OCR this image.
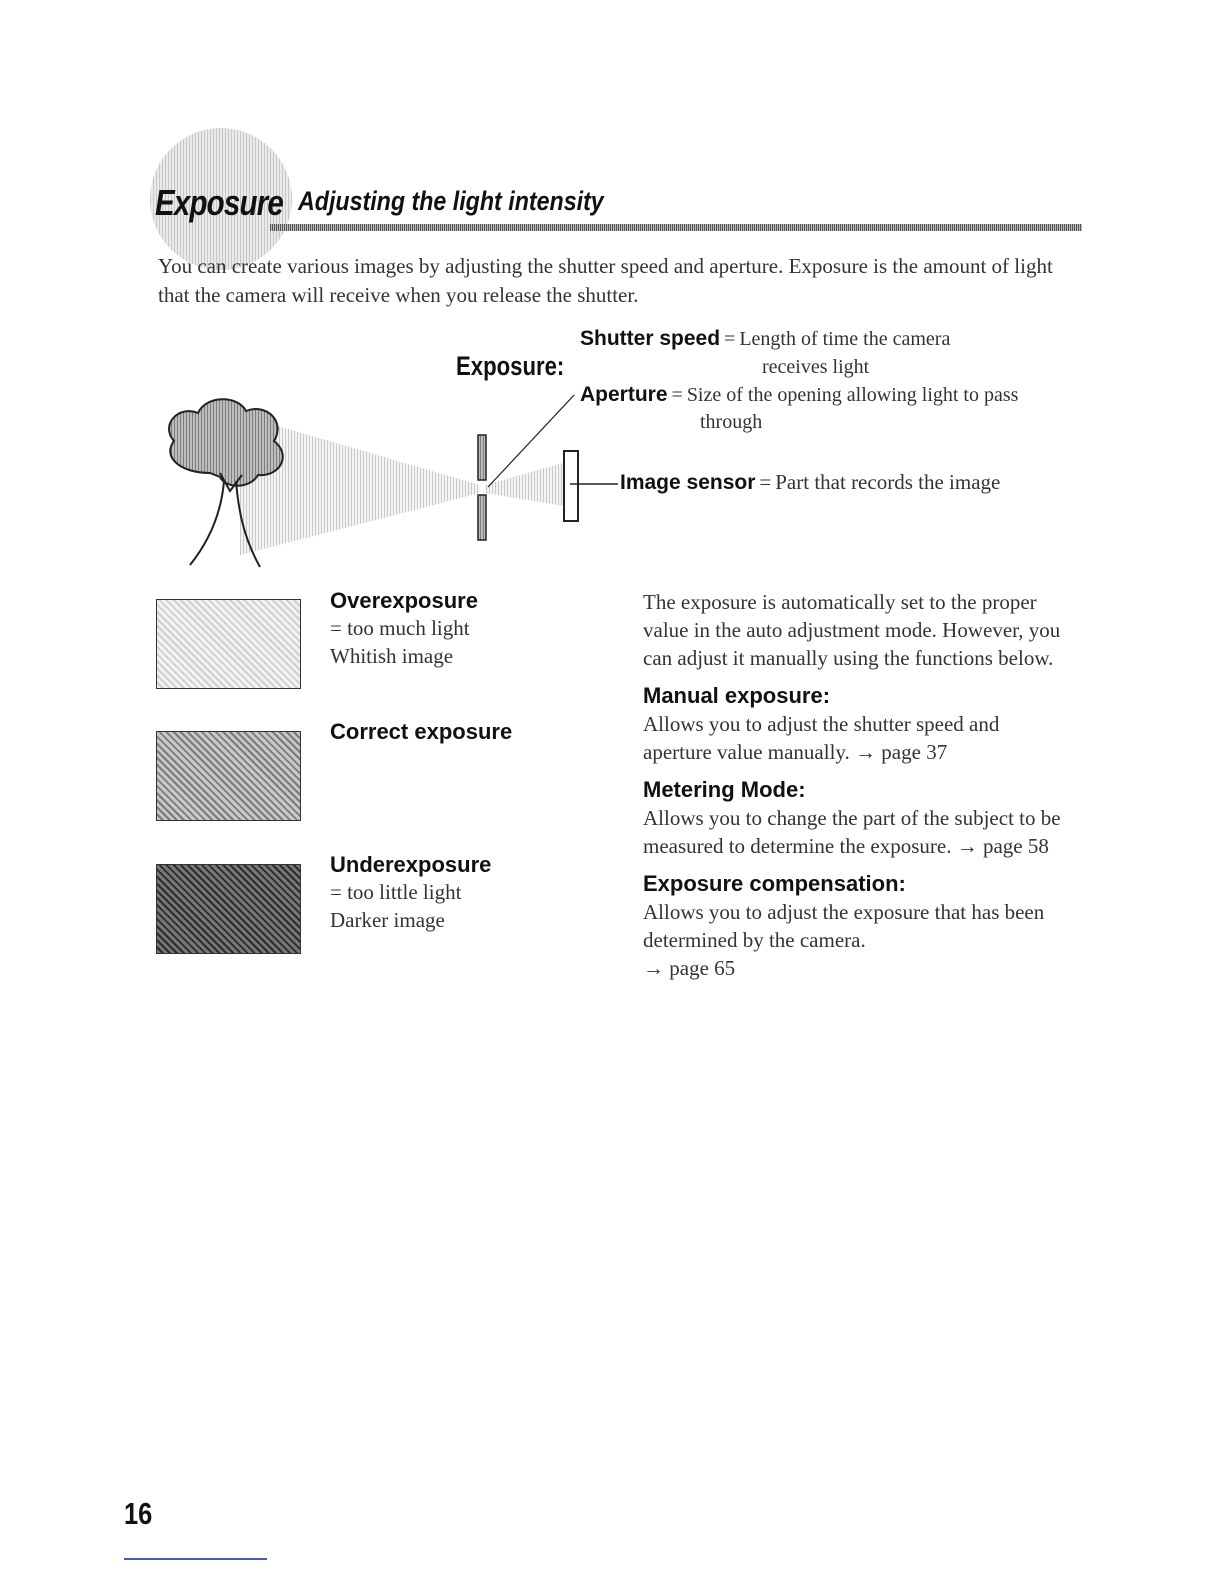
Exposure Adjusting the light intensity
You can create various images by adjusting the shutter speed and aperture. Exposure is the amount of light that the camera will receive when you release the shutter.
Exposure:
Shutter speed = Length of time the camera
receives light
Aperture = Size of the opening allowing light to pass
through
Image sensor = Part that records the image
Overexposure
= too much light
Whitish image
Correct exposure
Underexposure
= too little light
Darker image
The exposure is automatically set to the proper value in the auto adjustment mode. However, you can adjust it manually using the functions below.
Manual exposure:
Allows you to adjust the shutter speed and aperture value manually. → page 37
Metering Mode:
Allows you to change the part of the subject to be measured to determine the exposure. → page 58
Exposure compensation:
Allows you to adjust the exposure that has been determined by the camera.
→ page 65
16
